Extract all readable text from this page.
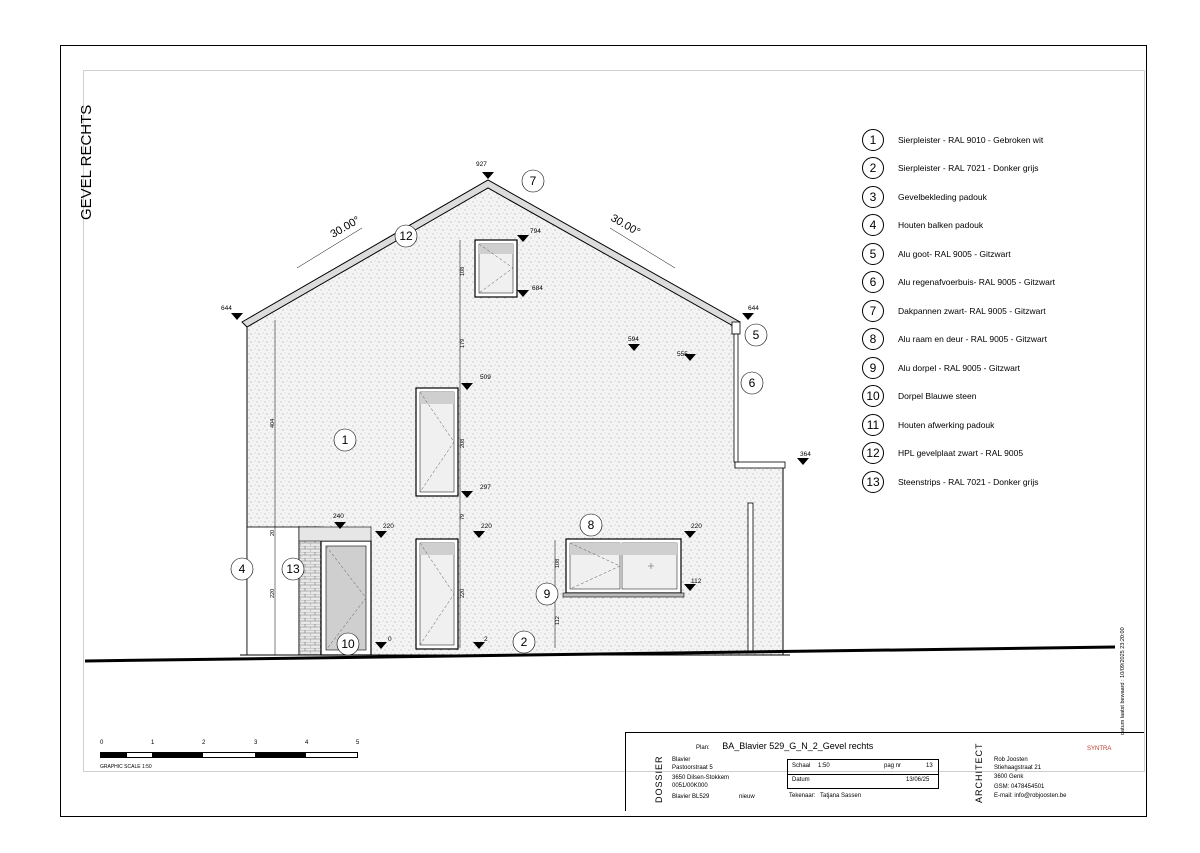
GEVEL RECHTS
30.00°	30.00°
927
644	644
794
684
509
297
594
555
364
240
220	220	220
112
0	2
108
179
404
208
79
20
220	220
108
112
12
7
5
6
1
8
4	13
9
10	2
1	Sierpleister - RAL 9010 - Gebroken wit
2	Sierpleister - RAL 7021 - Donker grijs
3	Gevelbekleding padouk
4	Houten balken padouk
5	Alu goot- RAL 9005 - Gitzwart
6	Alu regenafvoerbuis- RAL 9005 - Gitzwart
7	Dakpannen zwart- RAL 9005 - Gitzwart
8	Alu raam en deur - RAL 9005 - Gitzwart
9	Alu dorpel - RAL 9005 - Gitzwart
10	Dorpel Blauwe steen
11	Houten afwerking padouk
12	HPL gevelplaat zwart - RAL 9005
13	Steenstrips - RAL 7021 - Donker grijs
0	1	2	3	4	5
GRAPHIC SCALE 1:50
Plan: BA_Blavier 529_G_N_2_Gevel rechts
DOSSIER Blavier
Pastoorstraat 5
3650 Dilsen-Stokkem
0051/00K000
Blavier BL529	nieuw
Schaal 1:50	pag nr	13
Datum	13/06/25
Tekenaar: Tatjana Sassen	ARCHITECT Rob Joosten
Stiehaagstraat 21
3600 Genk
GSM: 0478454501
E-mail: info@robjoosten.be
SYNTRA
datum laatst bewaard : 10/09/2025 23:20:00
